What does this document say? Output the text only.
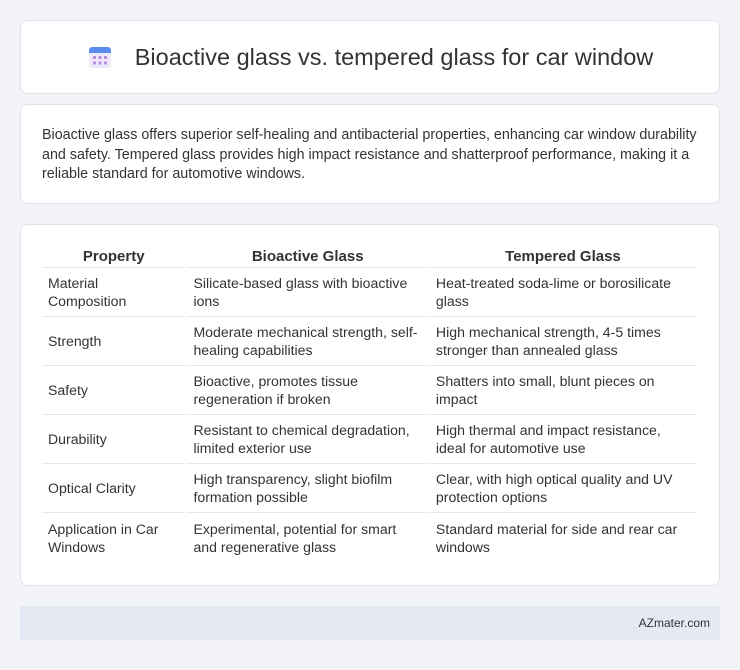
Bioactive glass vs. tempered glass for car window

Bioactive glass offers superior self-healing and antibacterial properties, enhancing car window durability and safety. Tempered glass provides high impact resistance and shatterproof performance, making it a reliable standard for automotive windows.

Property	Bioactive Glass	Tempered Glass
Material Composition	Silicate-based glass with bioactive ions	Heat-treated soda-lime or borosilicate glass
Strength	Moderate mechanical strength, self-healing capabilities	High mechanical strength, 4-5 times stronger than annealed glass
Safety	Bioactive, promotes tissue regeneration if broken	Shatters into small, blunt pieces on impact
Durability	Resistant to chemical degradation, limited exterior use	High thermal and impact resistance, ideal for automotive use
Optical Clarity	High transparency, slight biofilm formation possible	Clear, with high optical quality and UV protection options
Application in Car Windows	Experimental, potential for smart and regenerative glass	Standard material for side and rear car windows
AZmater.com
